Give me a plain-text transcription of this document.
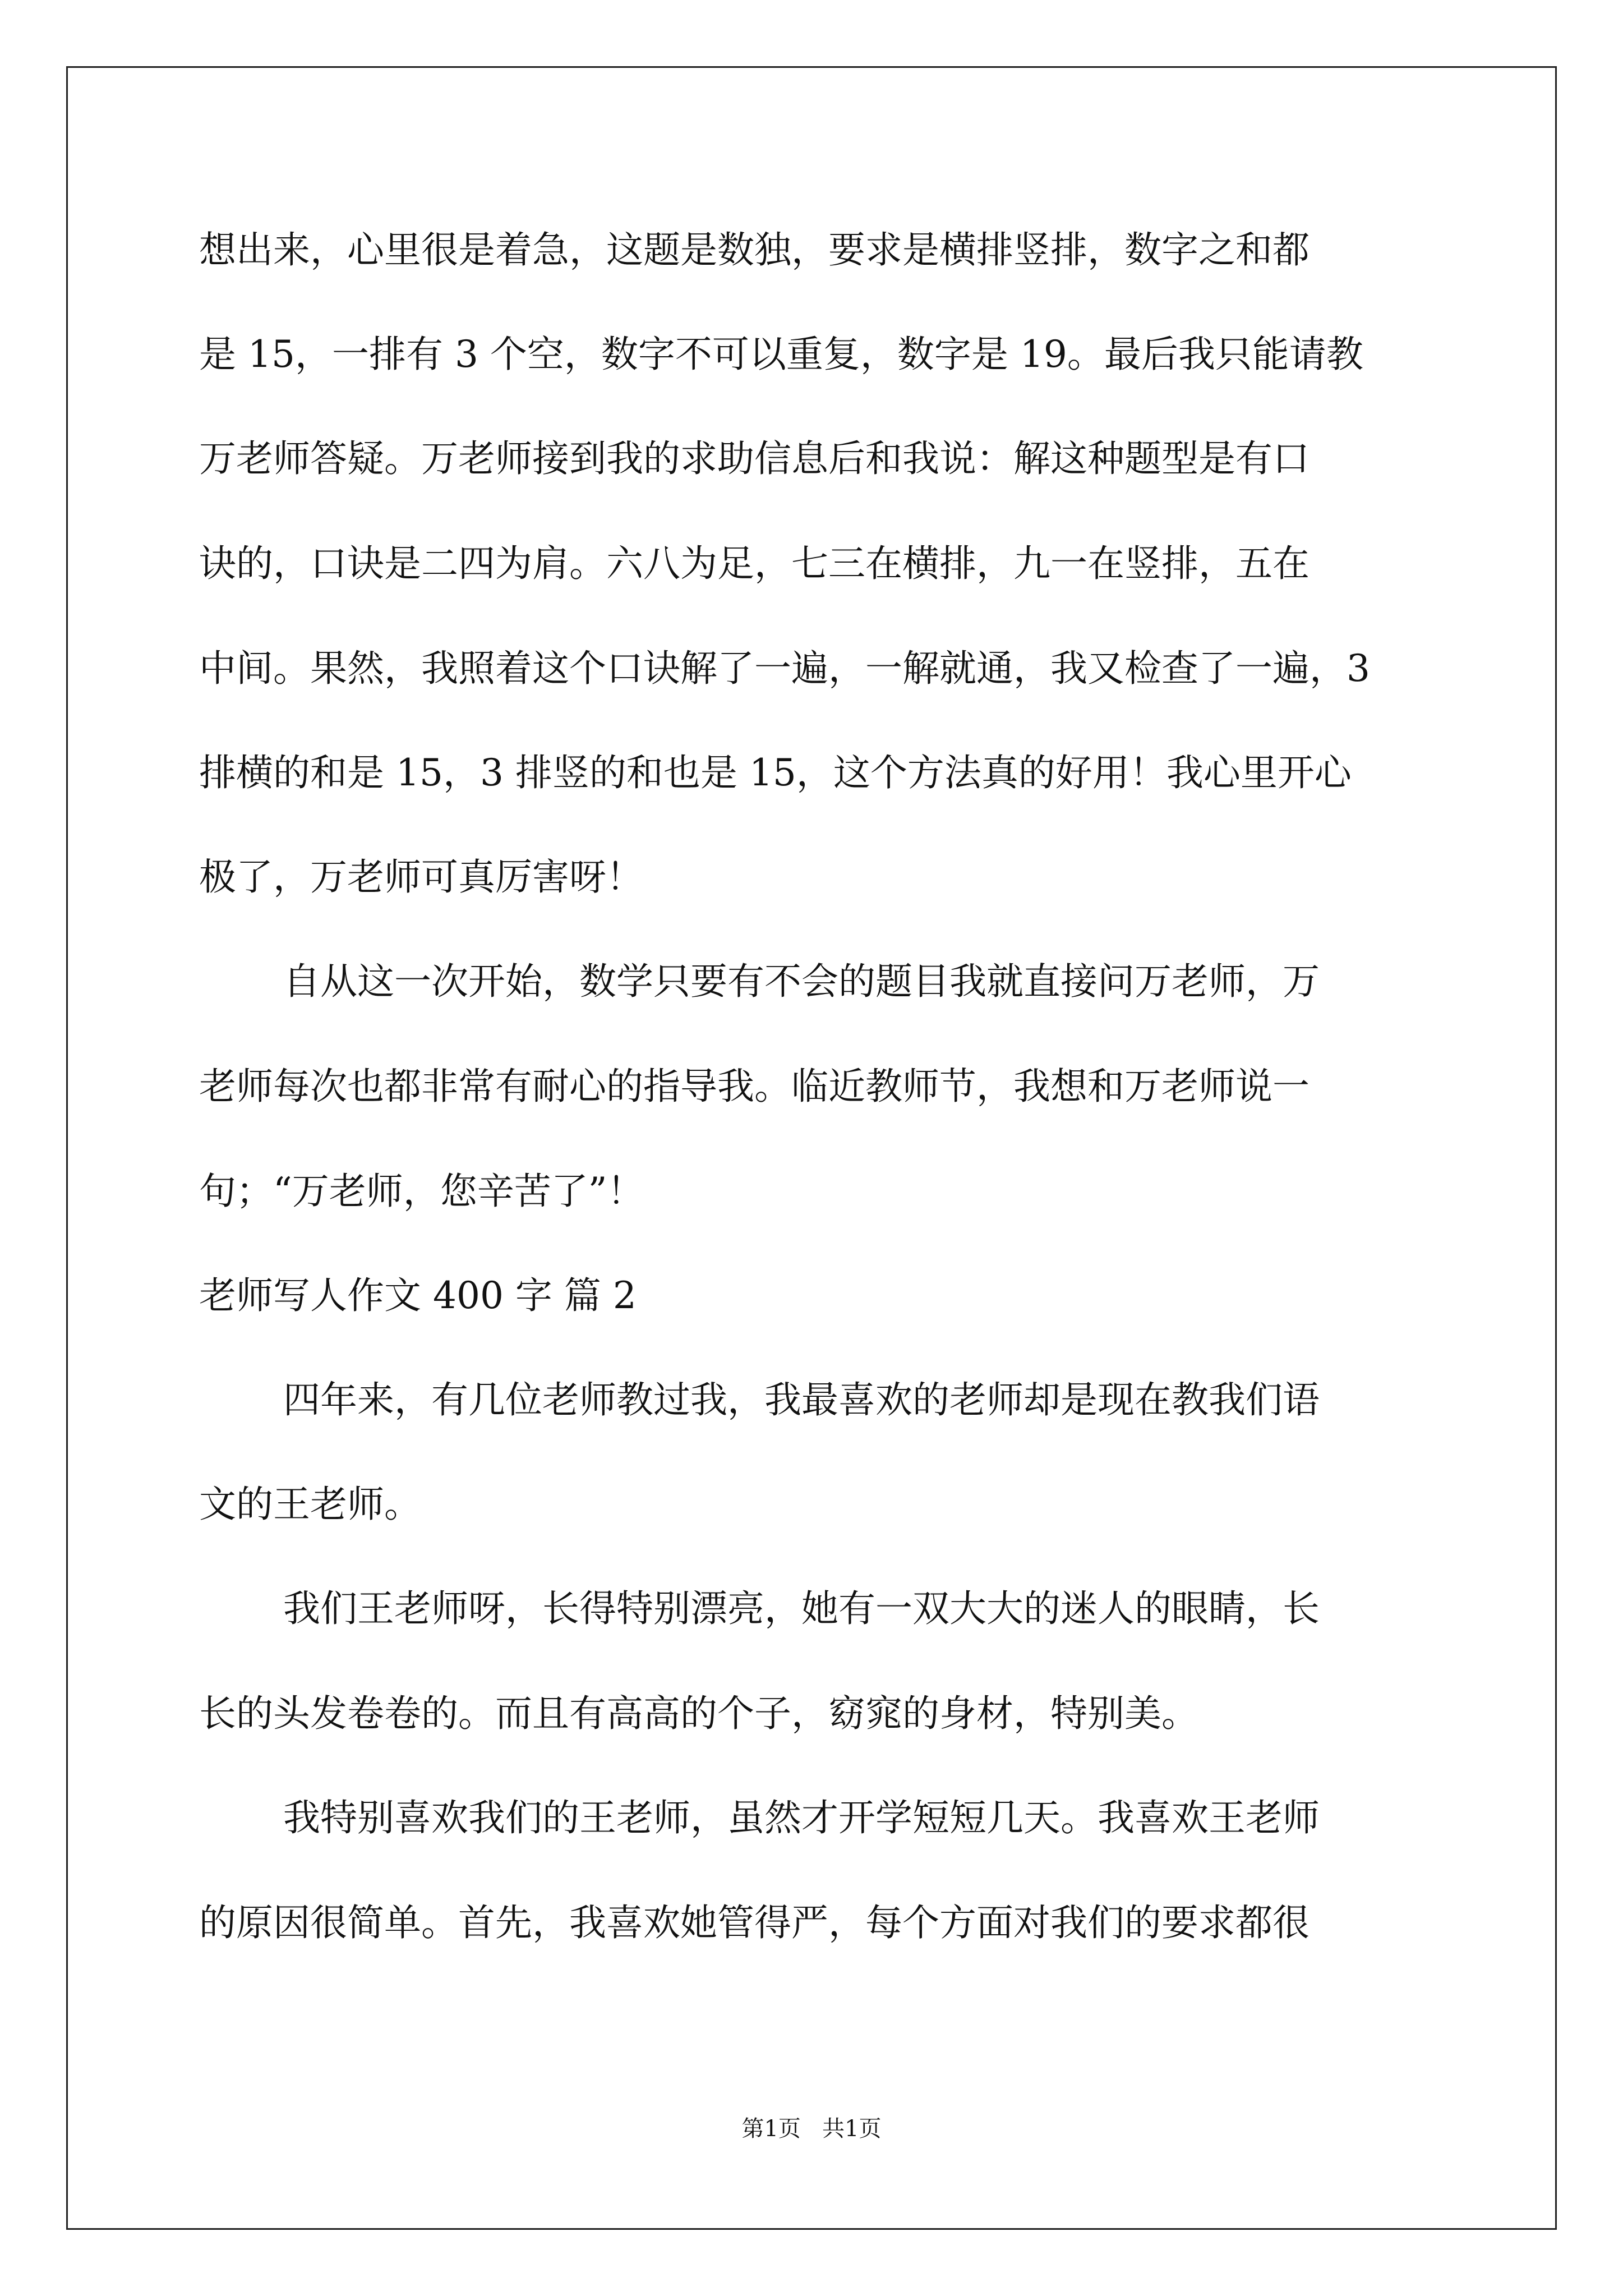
想出来，心里很是着急，这题是数独，要求是横排竖排，数字之和都

是 15，一排有 3 个空，数字不可以重复，数字是 19。最后我只能请教

万老师答疑。万老师接到我的求助信息后和我说：解这种题型是有口

诀的，口诀是二四为肩。六八为足，七三在横排，九一在竖排，五在

中间。果然，我照着这个口诀解了一遍，一解就通，我又检查了一遍，3

排横的和是 15，3 排竖的和也是 15，这个方法真的好用！我心里开心

极了，万老师可真厉害呀！

自从这一次开始，数学只要有不会的题目我就直接问万老师，万

老师每次也都非常有耐心的指导我。临近教师节，我想和万老师说一

句；“万老师，您辛苦了”！

老师写人作文 400 字 篇 2

四年来，有几位老师教过我，我最喜欢的老师却是现在教我们语

文的王老师。

我们王老师呀，长得特别漂亮，她有一双大大的迷人的眼睛，长

长的头发卷卷的。而且有高高的个子，窈窕的身材，特别美。

我特别喜欢我们的王老师，虽然才开学短短几天。我喜欢王老师

的原因很简单。首先，我喜欢她管得严，每个方面对我们的要求都很

第1页   共1页
